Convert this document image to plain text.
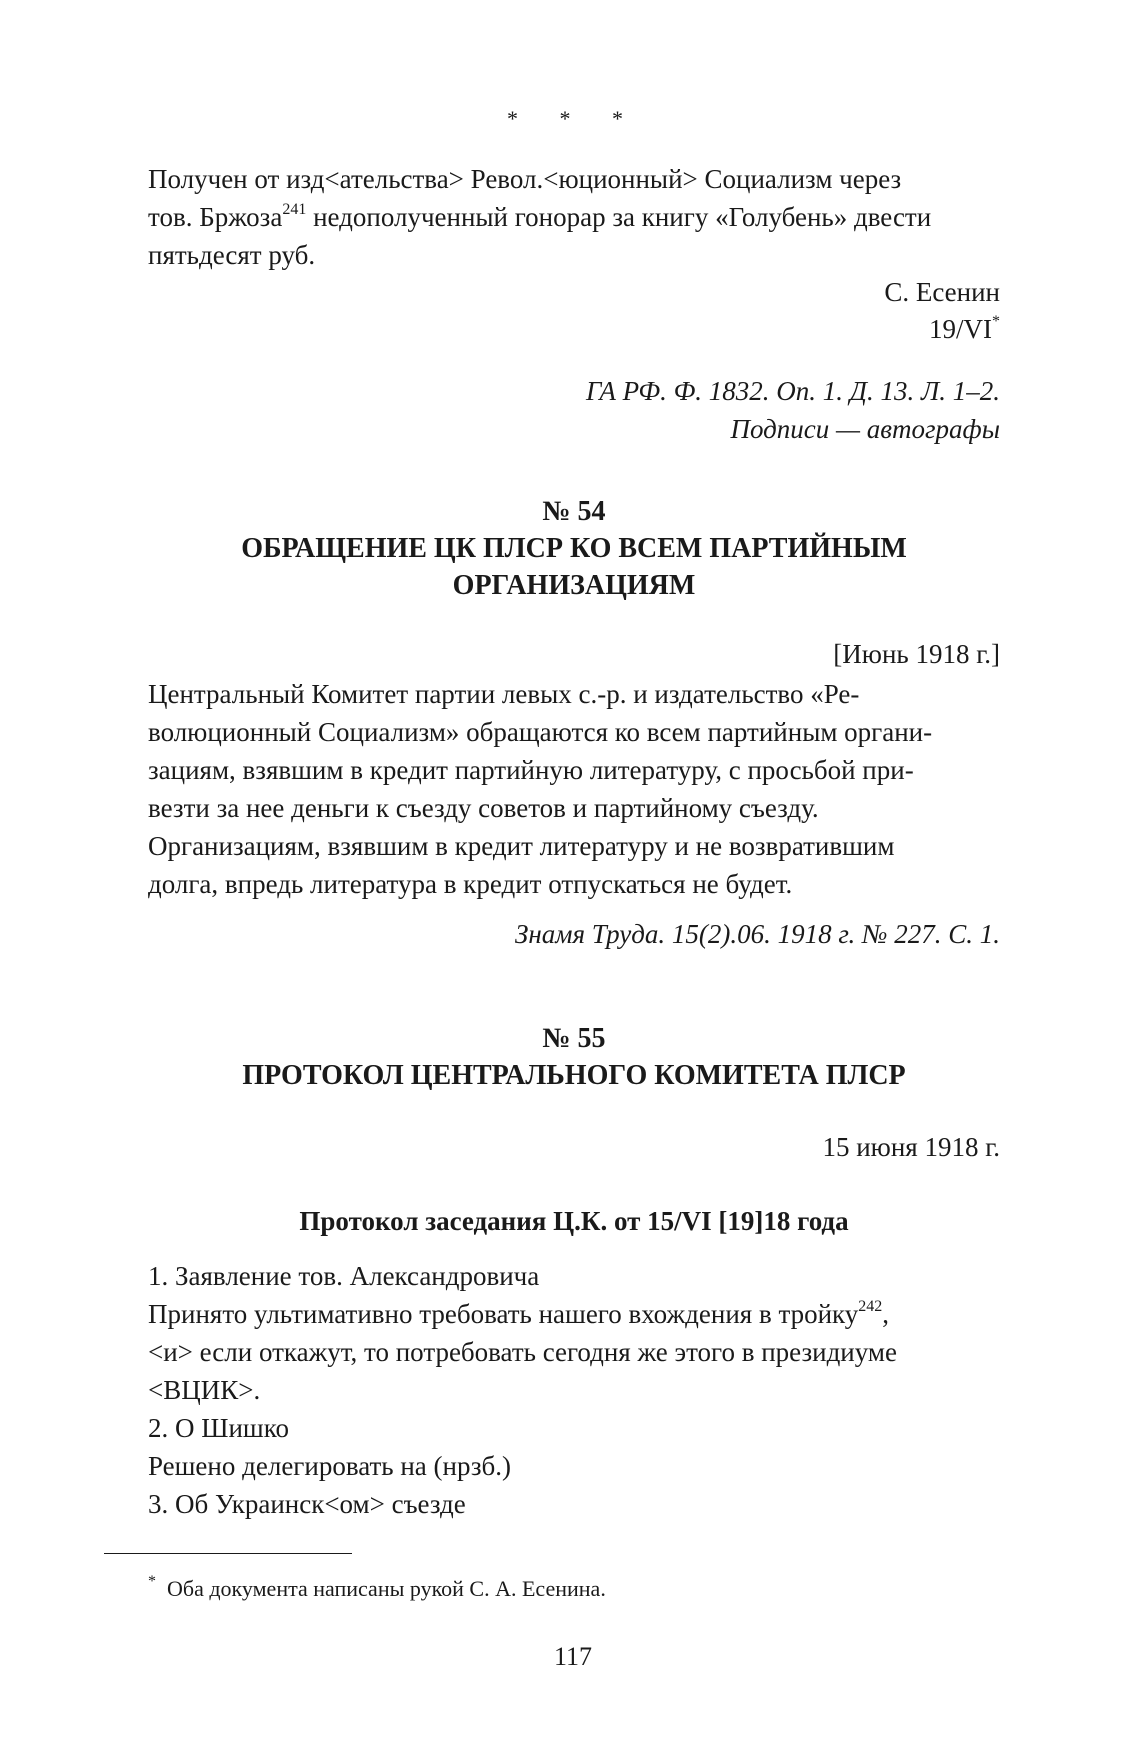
* * *
Получен от изд<ательства> Револ.<юционный> Социализм через
тов. Бржоза$^{241}$ недополученный гонорар за книгу «Голубень» двести
пятьдесят руб.
С. Есенин
19/VI*
ГА РФ. Ф. 1832. Оп. 1. Д. 13. Л. 1–2.
Подписи — автографы
№ 54
ОБРАЩЕНИЕ ЦК ПЛСР КО ВСЕМ ПАРТИЙНЫМ
ОРГАНИЗАЦИЯМ
[Июнь 1918 г.]
Центральный Комитет партии левых с.-р. и издательство «Ре-
волюционный Социализм» обращаются ко всем партийным органи-
зациям, взявшим в кредит партийную литературу, с просьбой при-
везти за нее деньги к съезду советов и партийному съезду.
Организациям, взявшим в кредит литературу и не возвратившим
долга, впредь литература в кредит отпускаться не будет.
Знамя Труда. 15(2).06. 1918 г. № 227. С. 1.
№ 55
ПРОТОКОЛ ЦЕНТРАЛЬНОГО КОМИТЕТА ПЛСР
15 июня 1918 г.
Протокол заседания Ц.К. от 15/VI [19]18 года
1. Заявление тов. Александровича
Принято ультимативно требовать нашего вхождения в тройку$^{242}$,
<и> если откажут, то потребовать сегодня же этого в президиуме
<ВЦИК>.
2. О Шишко
Решено делегировать на (нрзб.)
3. Об Украинск<ом> съезде
* Оба документа написаны рукой С. А. Есенина.
117
